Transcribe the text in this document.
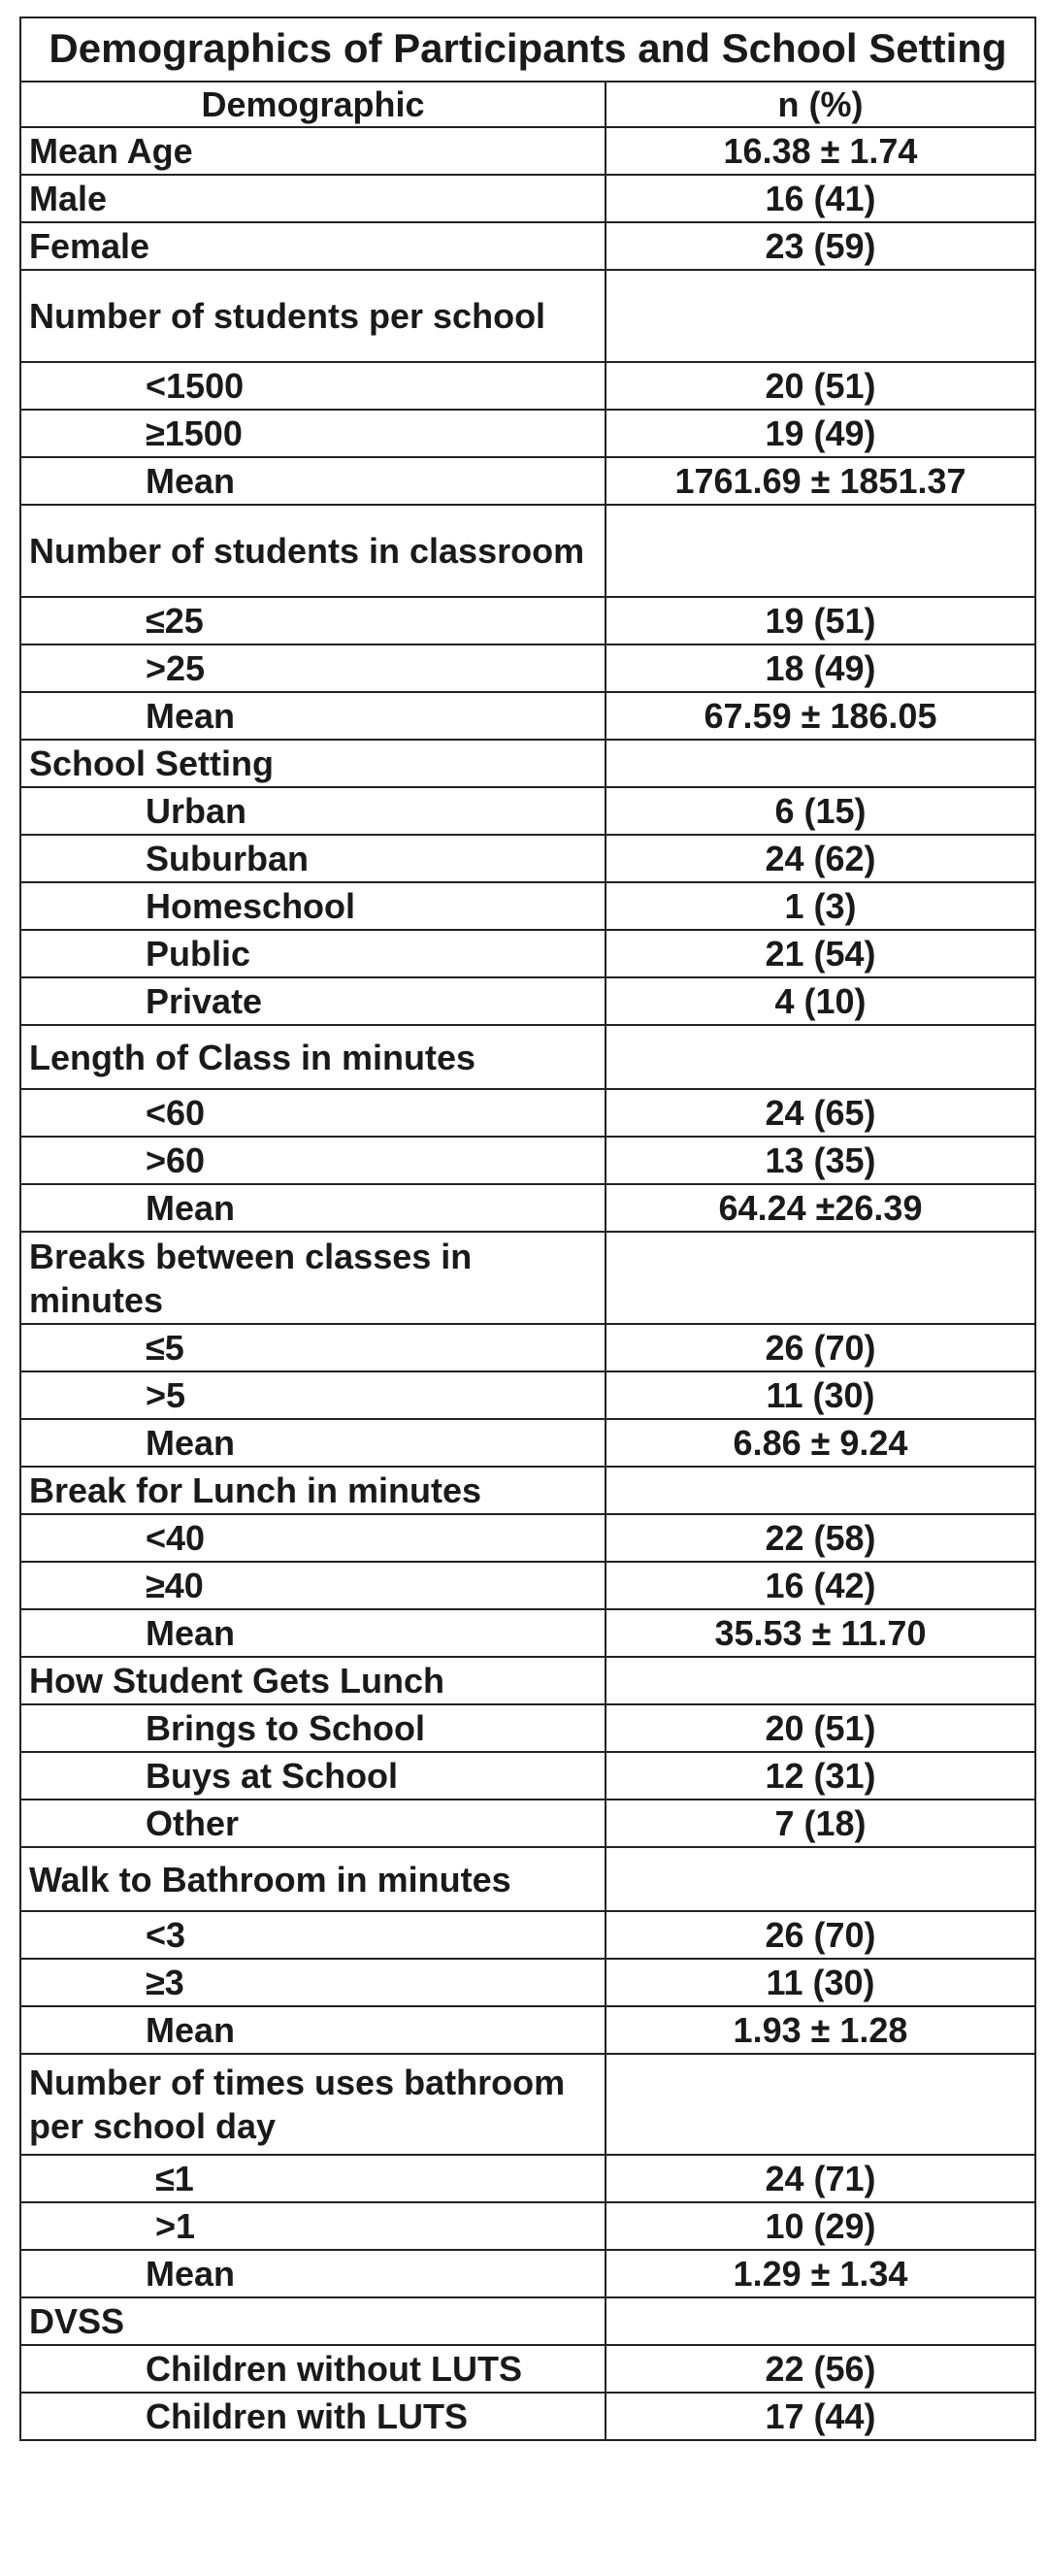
Demographics of Participants and School Setting	
Demographic	n (%)
Mean Age	16.38 ± 1.74
Male	16 (41)
Female	23 (59)
Number of students per school	
<1500	20 (51)
≥1500	19 (49)
Mean	1761.69 ± 1851.37
Number of students in classroom	
≤25	19 (51)
>25	18 (49)
Mean	67.59 ± 186.05
School Setting	
Urban	6 (15)
Suburban	24 (62)
Homeschool	1 (3)
Public	21 (54)
Private	4 (10)
Length of Class in minutes	
<60	24 (65)
>60	13 (35)
Mean	64.24 ±26.39
Breaks between classes in minutes	
≤5	26 (70)
>5	11 (30)
Mean	6.86 ± 9.24
Break for Lunch in minutes	
<40	22 (58)
≥40	16 (42)
Mean	35.53 ± 11.70
How Student Gets Lunch	
Brings to School	20 (51)
Buys at School	12 (31)
Other	7 (18)
Walk to Bathroom in minutes	
<3	26 (70)
≥3	11 (30)
Mean	1.93 ± 1.28
Number of times uses bathroom per school day	
≤1	24 (71)
>1	10 (29)
Mean	1.29 ± 1.34
DVSS	
Children without LUTS	22 (56)
Children with LUTS	17 (44)
